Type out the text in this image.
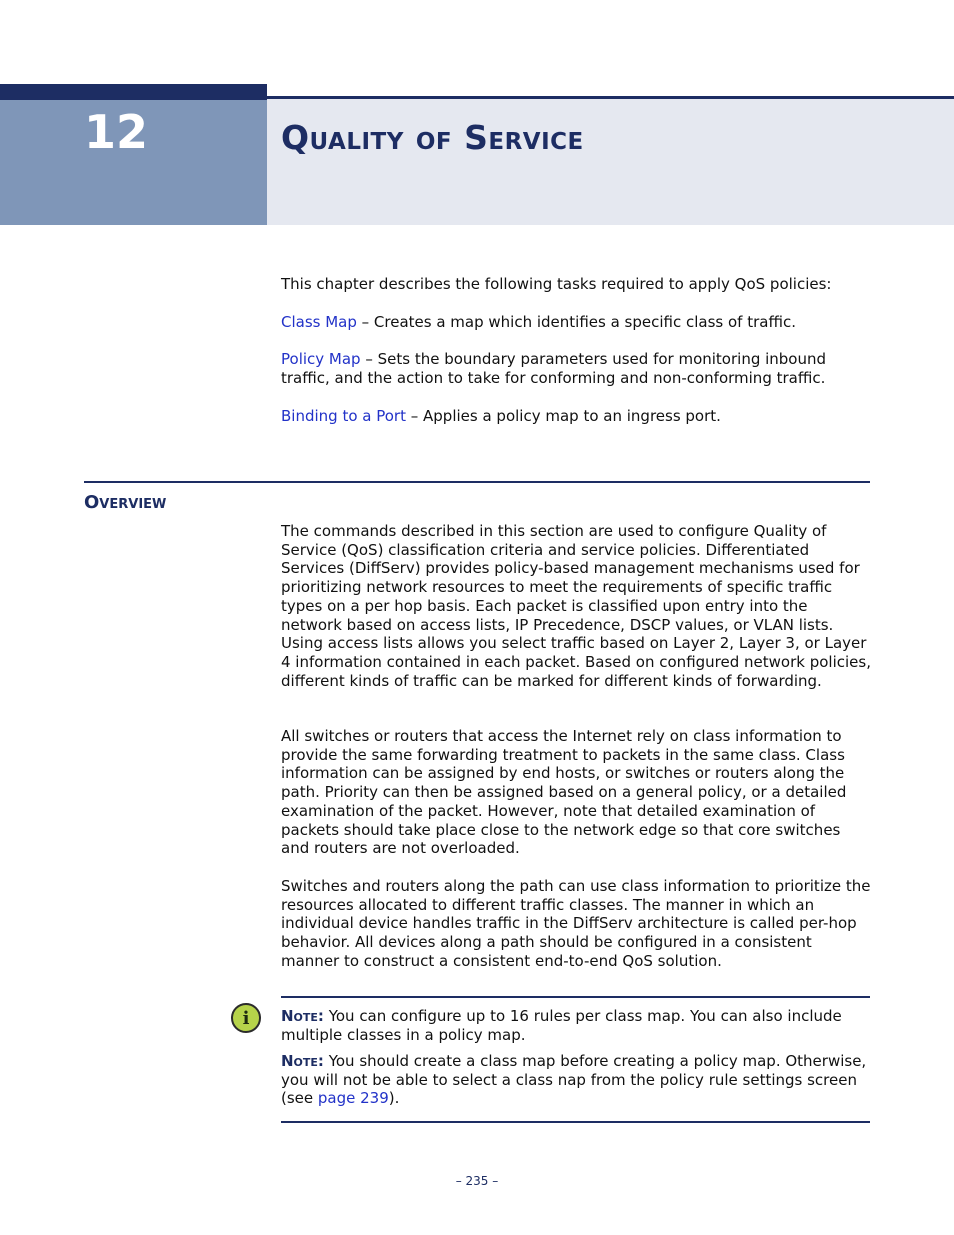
12	Quality of Service
This chapter describes the following tasks required to apply QoS policies:
Class Map – Creates a map which identifies a specific class of traffic.
Policy Map – Sets the boundary parameters used for monitoring inbound traffic, and the action to take for conforming and non-conforming traffic.
Binding to a Port – Applies a policy map to an ingress port.
Overview
The commands described in this section are used to configure Quality of Service (QoS) classification criteria and service policies. Differentiated Services (DiffServ) provides policy-based management mechanisms used for prioritizing network resources to meet the requirements of specific traffic types on a per hop basis. Each packet is classified upon entry into the network based on access lists, IP Precedence, DSCP values, or VLAN lists. Using access lists allows you select traffic based on Layer 2, Layer 3, or Layer 4 information contained in each packet. Based on configured network policies, different kinds of traffic can be marked for different kinds of forwarding.
All switches or routers that access the Internet rely on class information to provide the same forwarding treatment to packets in the same class. Class information can be assigned by end hosts, or switches or routers along the path. Priority can then be assigned based on a general policy, or a detailed examination of the packet. However, note that detailed examination of packets should take place close to the network edge so that core switches and routers are not overloaded.
Switches and routers along the path can use class information to prioritize the resources allocated to different traffic classes. The manner in which an individual device handles traffic in the DiffServ architecture is called per-hop behavior. All devices along a path should be configured in a consistent manner to construct a consistent end-to-end QoS solution.
i	Note: You can configure up to 16 rules per class map. You can also include multiple classes in a policy map.
Note: You should create a class map before creating a policy map. Otherwise, you will not be able to select a class nap from the policy rule settings screen (see page 239).
– 235 –
